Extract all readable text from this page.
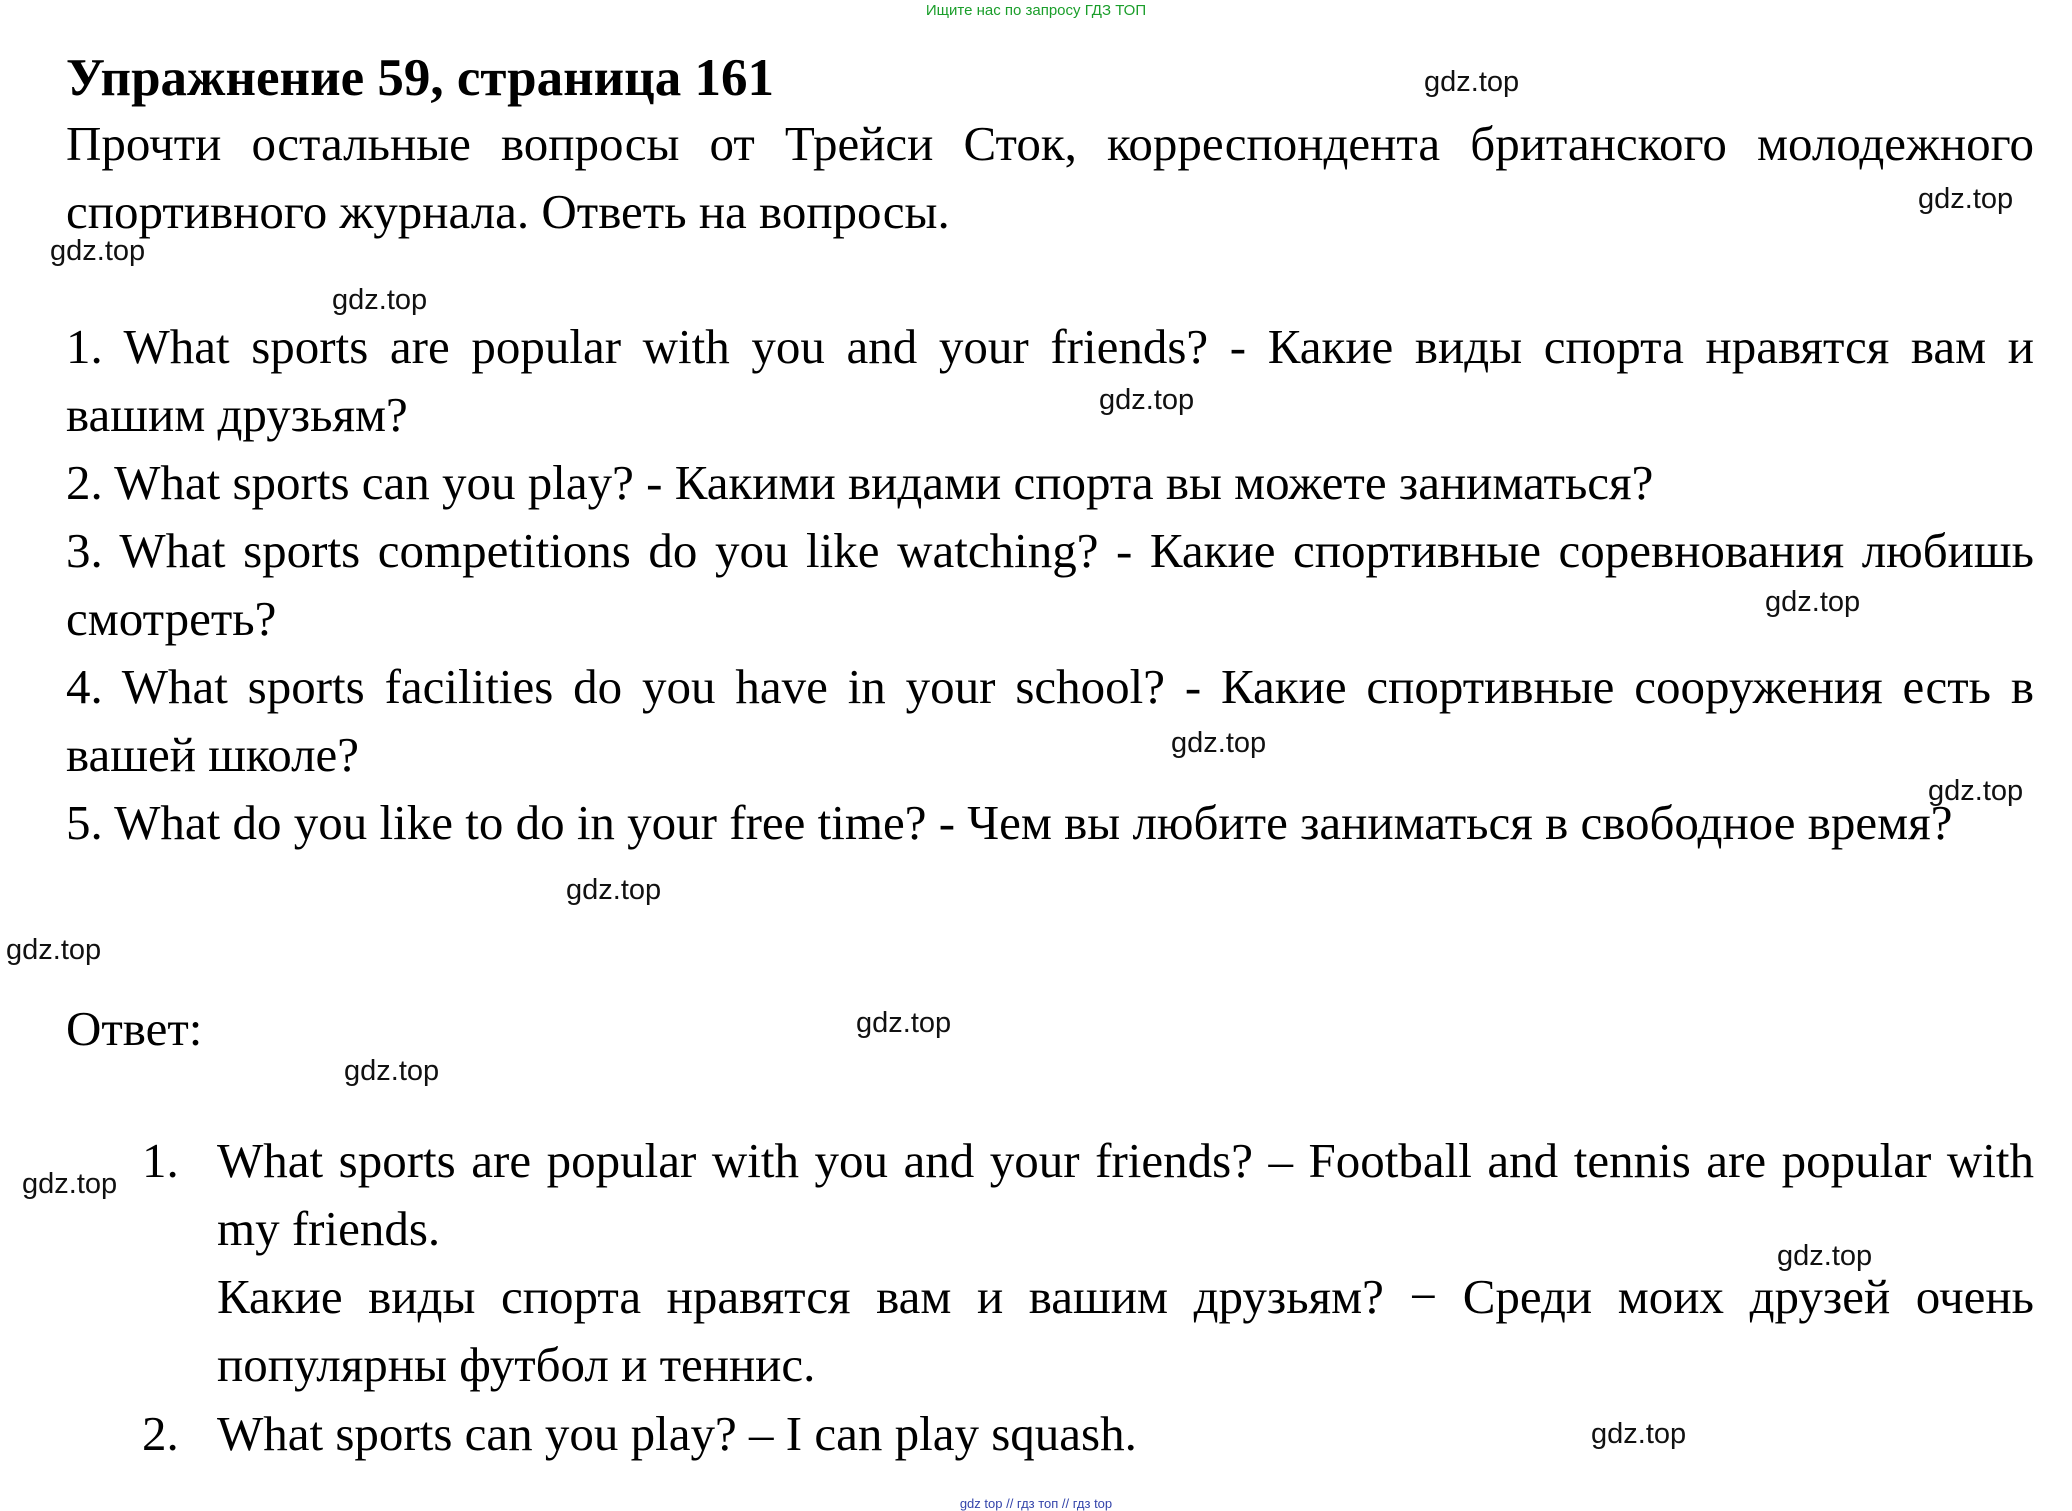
Ищите нас по запросу ГДЗ ТОП
Упражнение 59, страница 161
Прочти остальные вопросы от Трейси Сток, корреспондента британского молодежного спортивного журнала. Ответь на вопросы.
1. What sports are popular with you and your friends? - Какие виды спорта нравятся вам и вашим друзьям?
2. What sports can you play? - Какими видами спорта вы можете заниматься?
3. What sports competitions do you like watching? - Какие спортивные соревнования любишь смотреть?
4. What sports facilities do you have in your school? - Какие спортивные сооружения есть в вашей школе?
5. What do you like to do in your free time? - Чем вы любите заниматься в свободное время?
Ответ:
1. What sports are popular with you and your friends? – Football and tennis are popular with my friends.
Какие виды спорта нравятся вам и вашим друзьям? − Среди моих друзей очень популярны футбол и теннис.
2. What sports can you play? – I can play squash.
gdz.top
gdz.top
gdz.top
gdz.top
gdz.top
gdz.top
gdz.top
gdz.top
gdz.top
gdz.top
gdz.top
gdz.top
gdz.top
gdz.top
gdz.top
gdz top // гдз топ // гдз top
